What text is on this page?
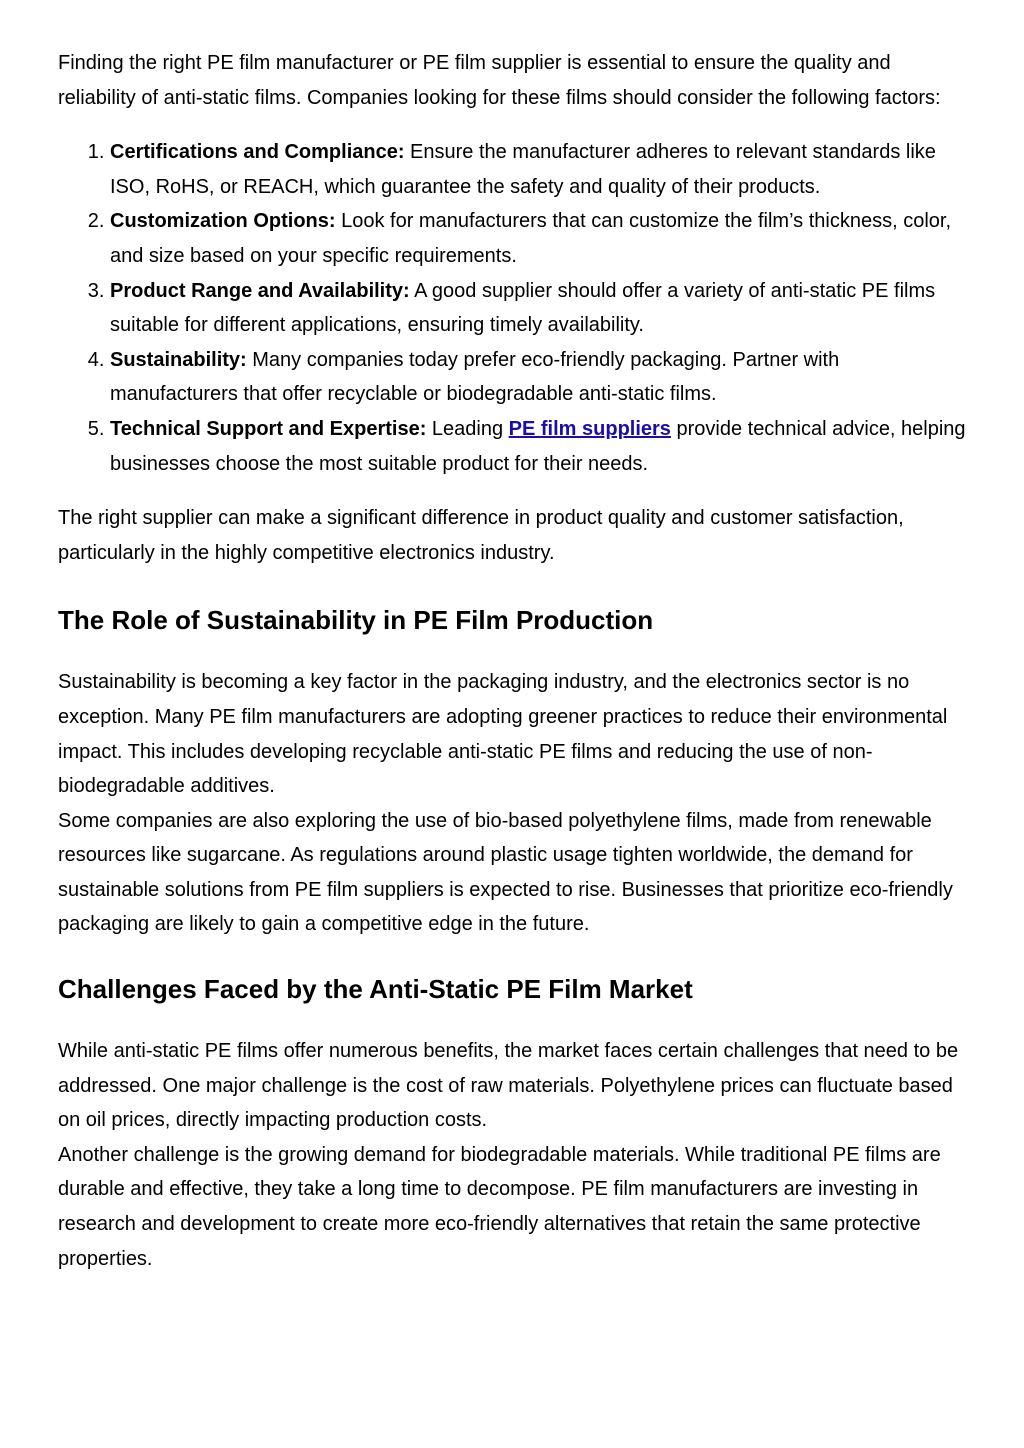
Finding the right PE film manufacturer or PE film supplier is essential to ensure the quality and reliability of anti-static films. Companies looking for these films should consider the following factors:

1. Certifications and Compliance: Ensure the manufacturer adheres to relevant standards like ISO, RoHS, or REACH, which guarantee the safety and quality of their products.
2. Customization Options: Look for manufacturers that can customize the film’s thickness, color, and size based on your specific requirements.
3. Product Range and Availability: A good supplier should offer a variety of anti-static PE films suitable for different applications, ensuring timely availability.
4. Sustainability: Many companies today prefer eco-friendly packaging. Partner with manufacturers that offer recyclable or biodegradable anti-static films.
5. Technical Support and Expertise: Leading PE film suppliers provide technical advice, helping businesses choose the most suitable product for their needs.

The right supplier can make a significant difference in product quality and customer satisfaction, particularly in the highly competitive electronics industry.

The Role of Sustainability in PE Film Production

Sustainability is becoming a key factor in the packaging industry, and the electronics sector is no exception. Many PE film manufacturers are adopting greener practices to reduce their environmental impact. This includes developing recyclable anti-static PE films and reducing the use of non-biodegradable additives.

Some companies are also exploring the use of bio-based polyethylene films, made from renewable resources like sugarcane. As regulations around plastic usage tighten worldwide, the demand for sustainable solutions from PE film suppliers is expected to rise. Businesses that prioritize eco-friendly packaging are likely to gain a competitive edge in the future.

Challenges Faced by the Anti-Static PE Film Market

While anti-static PE films offer numerous benefits, the market faces certain challenges that need to be addressed. One major challenge is the cost of raw materials. Polyethylene prices can fluctuate based on oil prices, directly impacting production costs.

Another challenge is the growing demand for biodegradable materials. While traditional PE films are durable and effective, they take a long time to decompose. PE film manufacturers are investing in research and development to create more eco-friendly alternatives that retain the same protective properties.
